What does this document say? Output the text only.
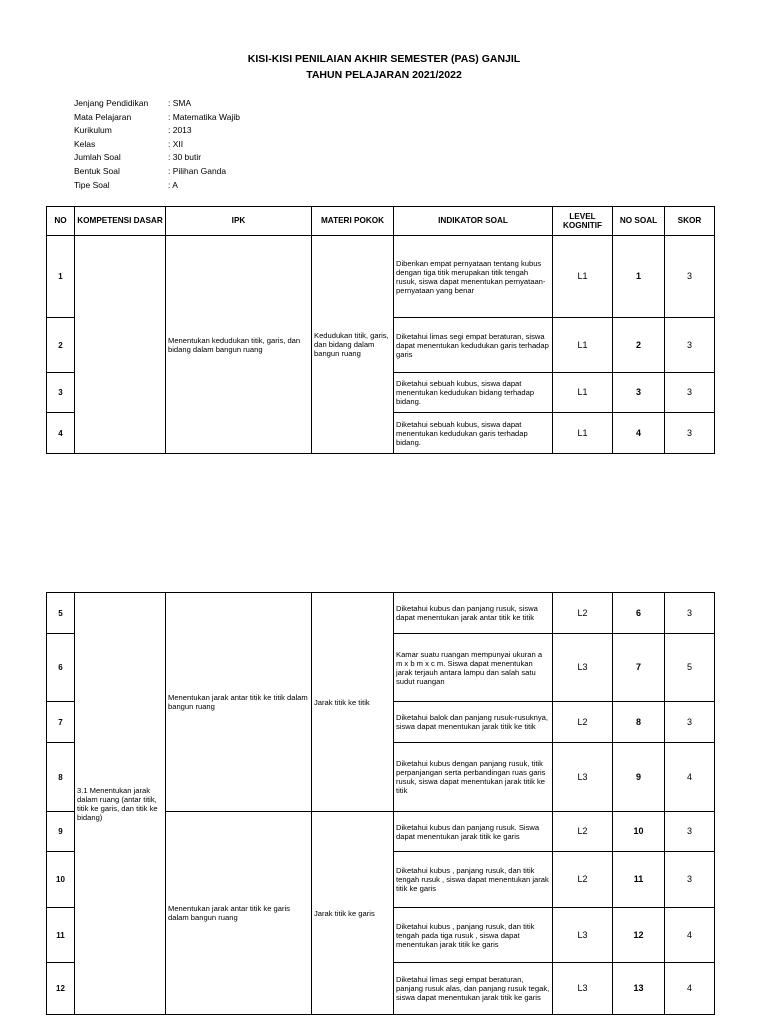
KISI-KISI PENILAIAN AKHIR SEMESTER (PAS) GANJIL
TAHUN PELAJARAN 2021/2022
Jenjang Pendidikan	: SMA
Mata Pelajaran	: Matematika Wajib
Kurikulum	: 2013
Kelas	: XII
Jumlah Soal	: 30 butir
Bentuk Soal	: Pilihan Ganda
Tipe Soal	: A
NO	KOMPETENSI DASAR	IPK	MATERI POKOK	INDIKATOR SOAL	LEVEL KOGNITIF	NO SOAL	SKOR
1		Menentukan kedudukan titik, garis, dan bidang dalam bangun ruang	Kedudukan titik, garis, dan bidang dalam bangun ruang	Diberikan empat pernyataan tentang kubus dengan tiga titik merupakan titik tengah rusuk, siswa dapat menentukan pernyataan-pernyataan yang benar	L1	1	3
2				Diketahui limas segi empat beraturan, siswa dapat menentukan kedudukan garis terhadap garis	L1	2	3
3				Diketahui sebuah kubus, siswa dapat menentukan kedudukan bidang terhadap bidang.	L1	3	3
4				Diketahui sebuah kubus, siswa dapat menentukan kedudukan garis terhadap bidang.	L1	4	3
5	3.1 Menentukan jarak dalam ruang (antar titik, titik ke garis, dan titik ke bidang)	Menentukan jarak antar titik ke titik dalam bangun ruang	Jarak titik ke titik	Diketahui kubus dan panjang rusuk, siswa dapat menentukan jarak antar titik ke titik	L2	6	3
6				Kamar suatu ruangan mempunyai ukuran a m x b m x c m. Siswa dapat menentukan jarak terjauh antara lampu dan salah satu sudut ruangan	L3	7	5
7				Diketahui balok dan panjang rusuk-rusuknya, siswa dapat menentukan jarak titik ke titik	L2	8	3
8				Diketahui kubus dengan panjang rusuk, titik perpanjangan serta perbandingan ruas garis rusuk, siswa dapat menentukan jarak titik ke titik	L3	9	4
9		Menentukan jarak antar titik ke garis dalam bangun ruang	Jarak titik ke garis	Diketahui kubus dan panjang rusuk. Siswa dapat menentukan jarak titik ke garis	L2	10	3
10				Diketahui kubus , panjang rusuk, dan titik tengah rusuk , siswa dapat menentukan jarak titik ke garis	L2	11	3
11				Diketahui kubus , panjang rusuk, dan titik tengah pada tiga rusuk , siswa dapat menentukan jarak titik ke garis	L3	12	4
12				Diketahui limas segi empat beraturan, panjang rusuk alas, dan panjang rusuk tegak, siswa dapat menentukan jarak titik ke garis	L3	13	4
